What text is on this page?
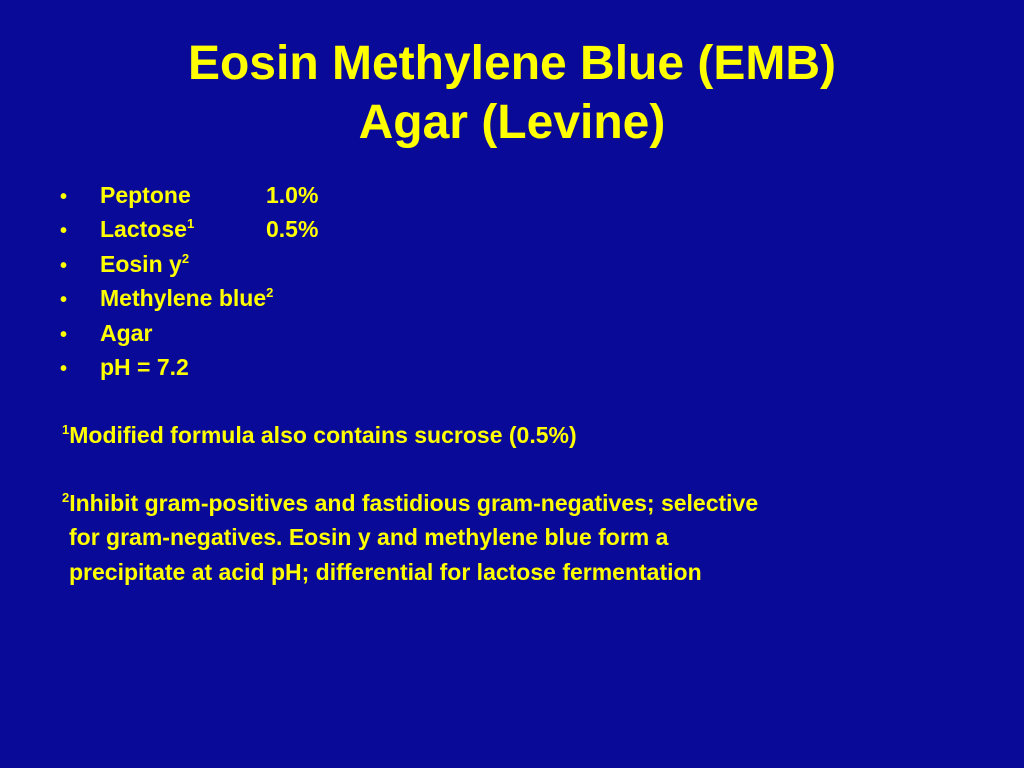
Eosin Methylene Blue (EMB)
Agar (Levine)
• Peptone	1.0%
• Lactose$^1$	0.5%
• Eosin $y^2$
• Methylene blue$^2$
• Agar
• pH = 7.2

$^1$Modified formula also contains sucrose (0.5%)

$^2$Inhibit gram-positives and fastidious gram-negatives; selective
for gram-negatives. Eosin y and methylene blue form a
precipitate at acid pH; differential for lactose fermentation
